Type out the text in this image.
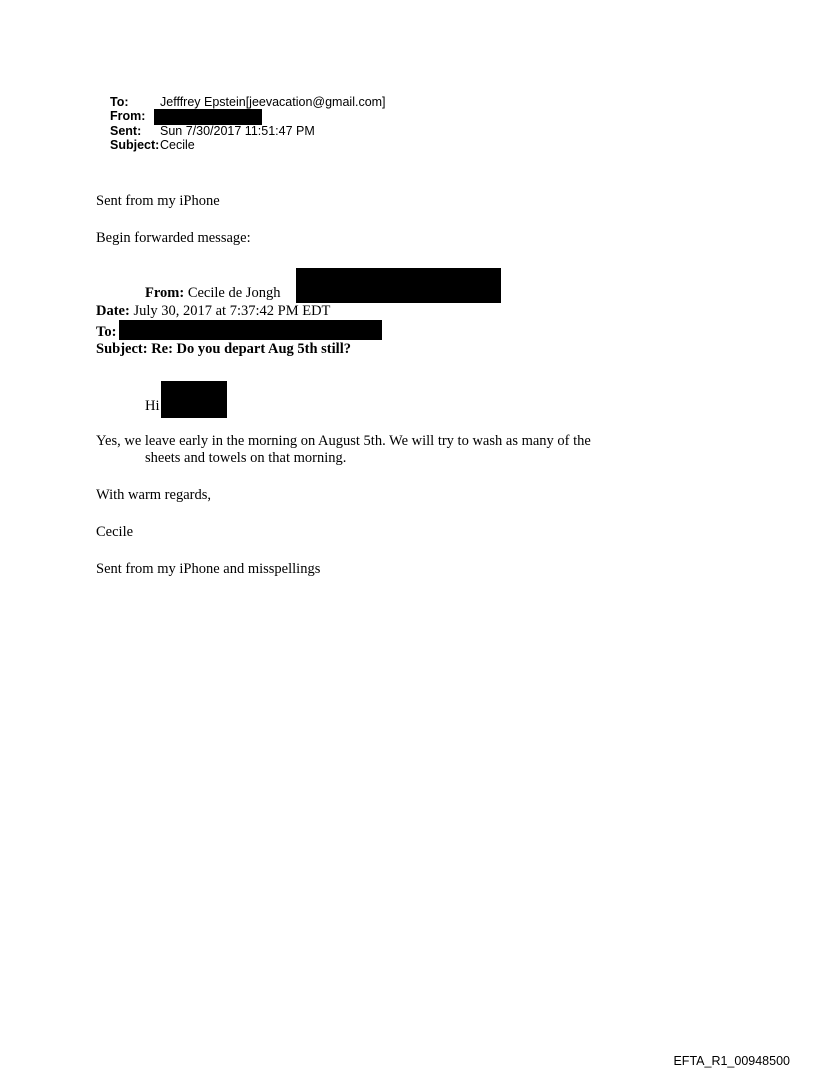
To:	Jefffrey Epstein[jeevacation@gmail.com]
From:
Sent: Sun 7/30/2017 11:51:47 PM
Subject: Cecile
Sent from my iPhone
Begin forwarded message:
From: Cecile de Jongh
Date: July 30, 2017 at 7:37:42 PM EDT
To:
Subject: Re: Do you depart Aug 5th still?
Hi
Yes, we leave early in the morning on August 5th. We will try to wash as many of the
sheets and towels on that morning.
With warm regards,
Cecile
Sent from my iPhone and misspellings
EFTA_R1_00948500
